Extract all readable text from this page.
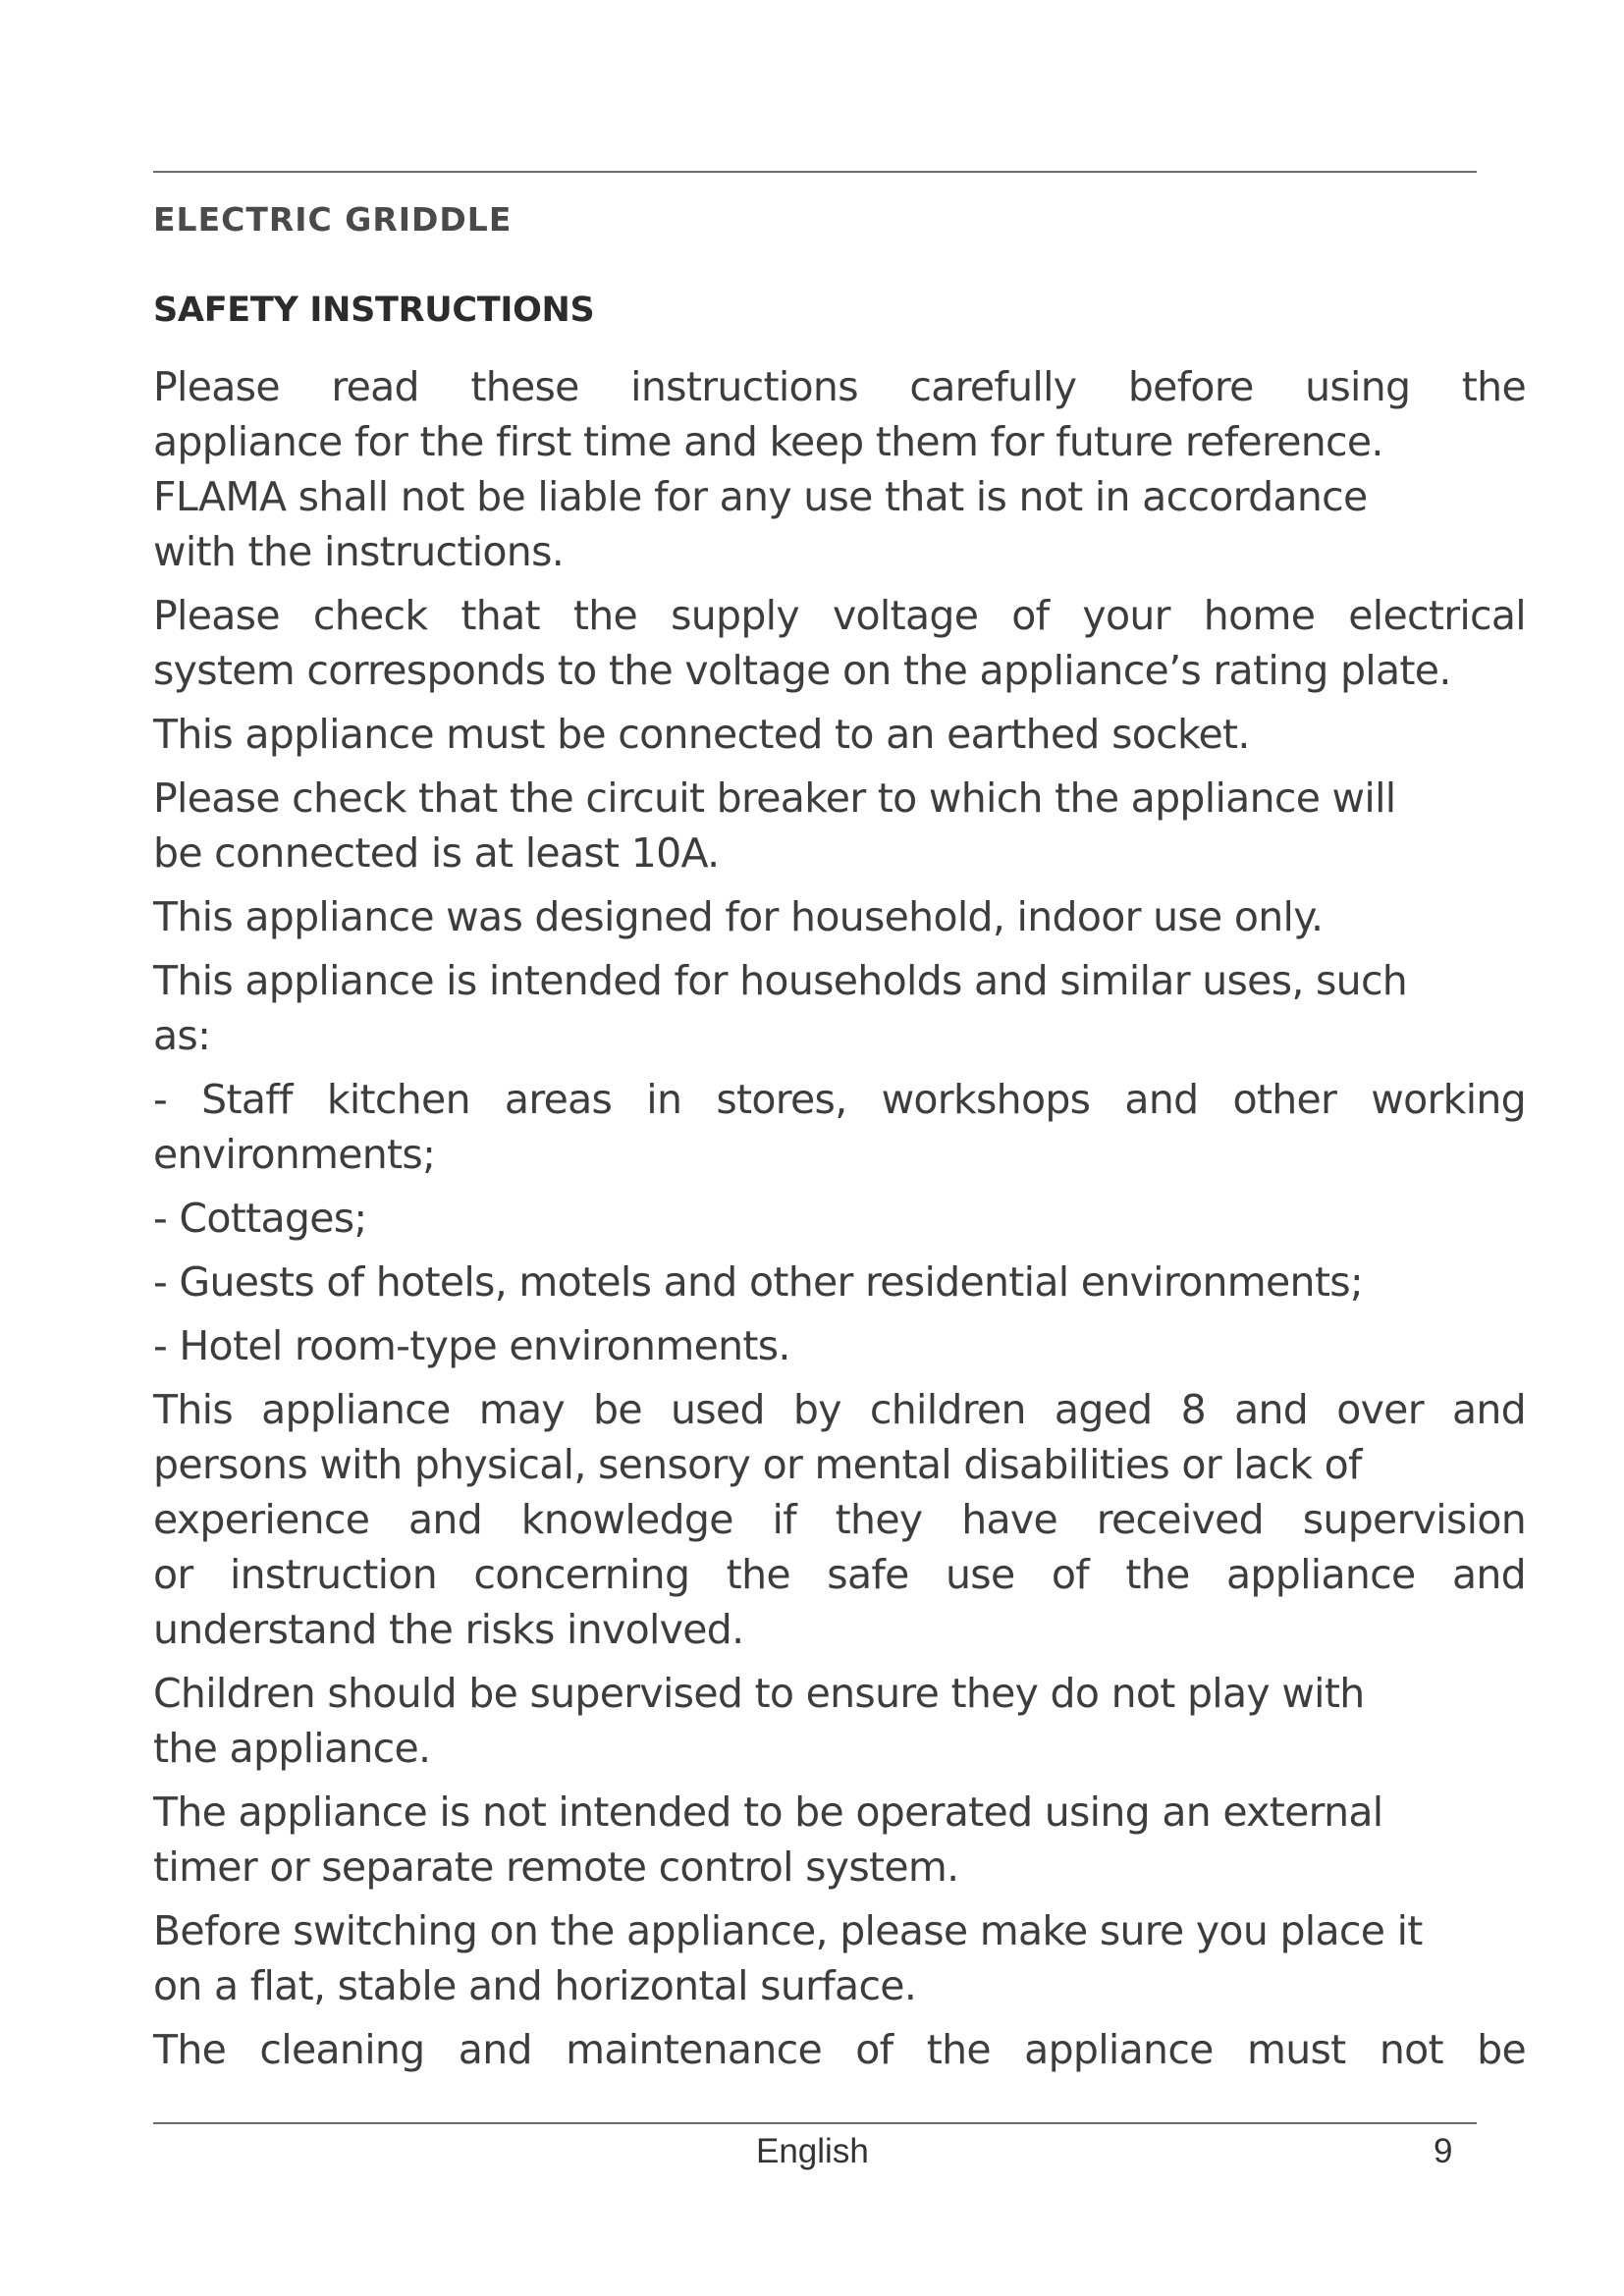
ELECTRIC GRIDDLE
SAFETY INSTRUCTIONS
Please read these instructions carefully before using the
appliance for the first time and keep them for future reference.
FLAMA shall not be liable for any use that is not in accordance
with the instructions.
Please check that the supply voltage of your home electrical
system corresponds to the voltage on the appliance’s rating plate.
This appliance must be connected to an earthed socket.
Please check that the circuit breaker to which the appliance will
be connected is at least 10A.
This appliance was designed for household, indoor use only.
This appliance is intended for households and similar uses, such
as:
- Staff kitchen areas in stores, workshops and other working
environments;
- Cottages;
- Guests of hotels, motels and other residential environments;
- Hotel room-type environments.
This appliance may be used by children aged 8 and over and
persons with physical, sensory or mental disabilities or lack of
experience and knowledge if they have received supervision
or instruction concerning the safe use of the appliance and
understand the risks involved.
Children should be supervised to ensure they do not play with
the appliance.
The appliance is not intended to be operated using an external
timer or separate remote control system.
Before switching on the appliance, please make sure you place it
on a flat, stable and horizontal surface.
The cleaning and maintenance of the appliance must not be
English	9
